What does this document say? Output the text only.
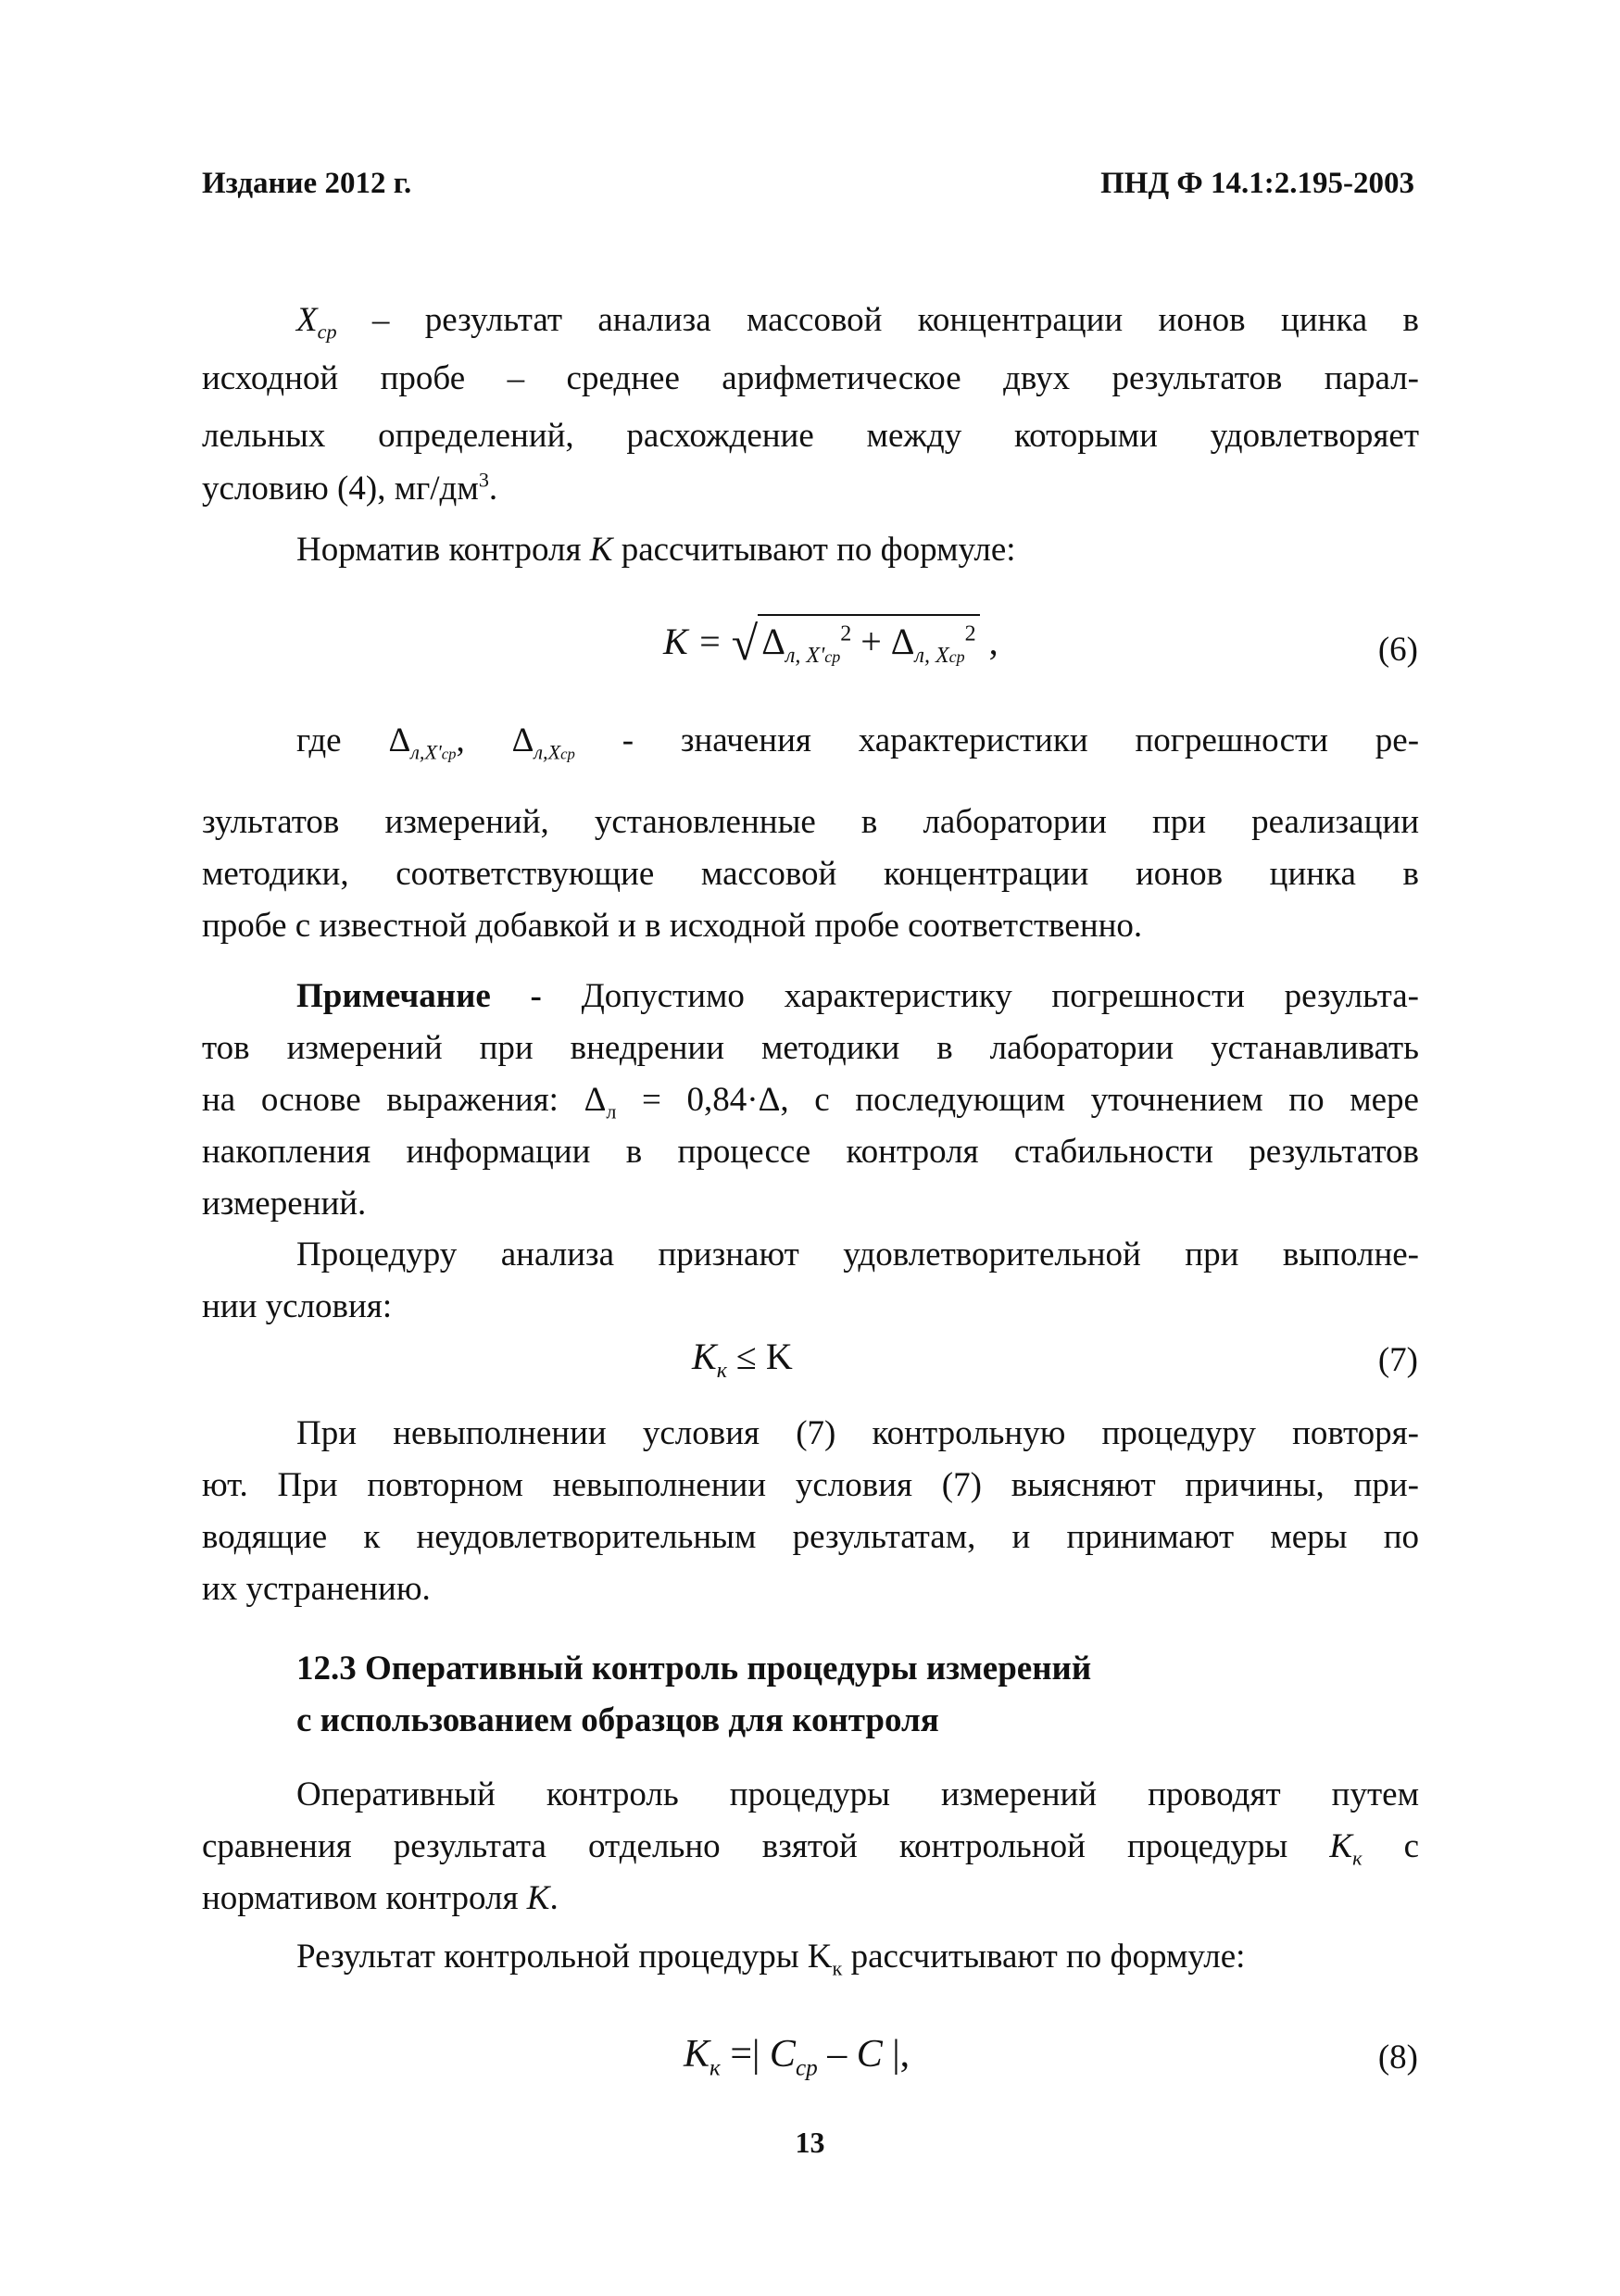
Издание 2012 г.	ПНД Ф 14.1:2.195-2003
$X_{ср}$ – результат анализа массовой концентрации ионов цинка в
исходной пробе – среднее арифметическое двух результатов парал-
лельных определений, расхождение между которыми удовлетворяет
условию (4), $мг/дм^3$.
Норматив контроля K рассчитывают по формуле:
K = √ $\Delta_{л, X'ср}^2 + \Delta_{л, Xср}^2$ ,	(6)
где $\Delta_{л,X'ср}$, $\Delta_{л,Xср}$ - значения характеристики погрешности ре-
зультатов измерений, установленные в лаборатории при реализации
методики, соответствующие массовой концентрации ионов цинка в
пробе с известной добавкой и в исходной пробе соответственно.
Примечание - Допустимо характеристику погрешности результа-
тов измерений при внедрении методики в лаборатории устанавливать
на основе выражения: $\Delta_л = 0,84\cdot\Delta$, с последующим уточнением по мере
накопления информации в процессе контроля стабильности результатов
измерений.
Процедуру анализа признают удовлетворительной при выполне-
нии условия:
$K_к \le K$	(7)
При невыполнении условия (7) контрольную процедуру повторя-
ют. При повторном невыполнении условия (7) выясняют причины, при-
водящие к неудовлетворительным результатам, и принимают меры по
их устранению.
12.3 Оперативный контроль процедуры измерений
с использованием образцов для контроля
Оперативный контроль процедуры измерений проводят путем
сравнения результата отдельно взятой контрольной процедуры $K_к$ с
нормативом контроля K.
Результат контрольной процедуры $K_к$ рассчитывают по формуле:
$K_к$ =| $C_{ср}$ – C |,	(8)
13
